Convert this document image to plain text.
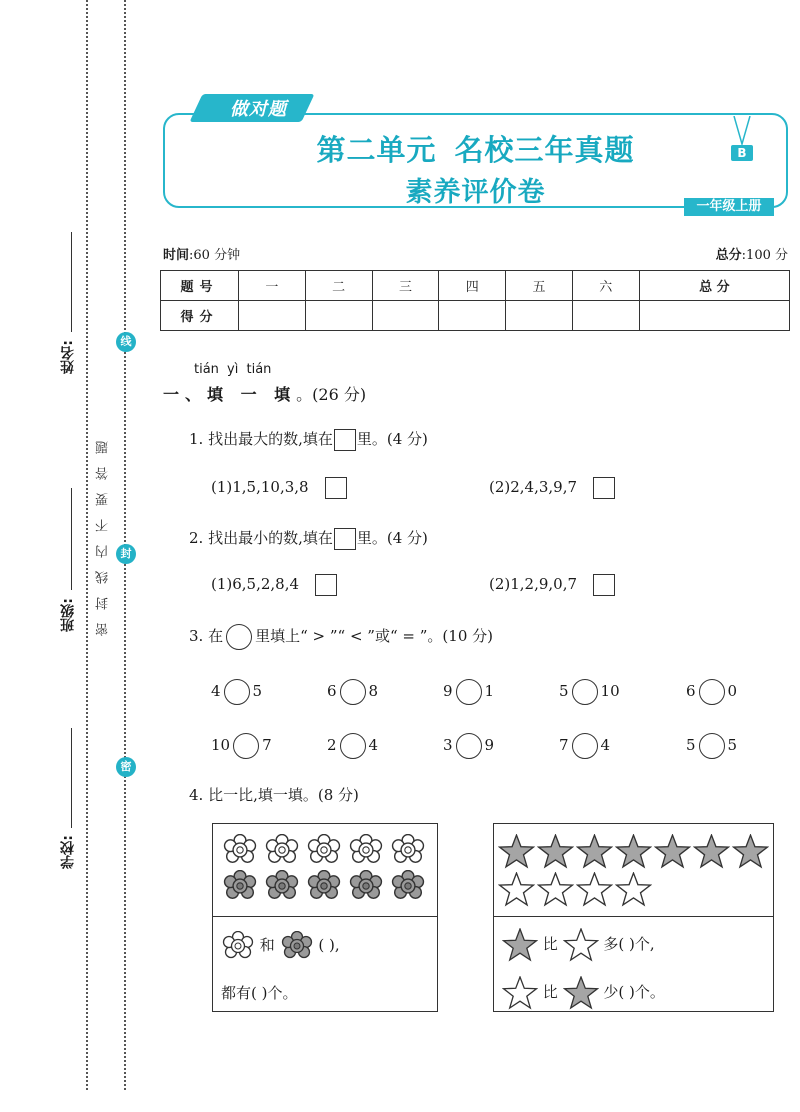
姓名:
班级:
学校:
密封线内不要答题
线
封
密
做对题
第二单元 名校三年真题
素养评价卷
B
一年级上册
时间:60 分钟	总分:100 分
题号	一	二	三	四	五	六	总 分
得分							
tián yì tián
一、填 一 填。(26 分)
1. 找出最大的数,填在 里。(4 分)
(1)1,5,10,3,8	(2)2,4,3,9,7
2. 找出最小的数,填在 里。(4 分)
(1)6,5,2,8,4	(2)1,2,9,0,7
3. 在 里填上“ > ”“ < ”或“ = ”。(10 分)
4 5	6 8	9 1	5 10	6 0
10 7	2 4	3 9	7 4	5 5
4. 比一比,填一填。(8 分)
和	( ),
都有( )个。
比	多( )个,
比	少( )个。
